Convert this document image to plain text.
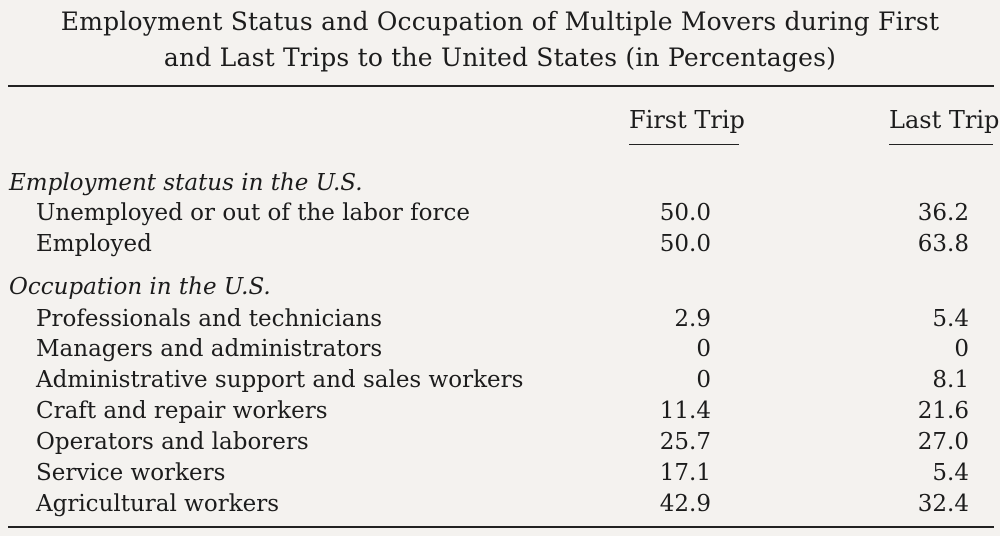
Employment Status and Occupation of Multiple Movers during First
and Last Trips to the United States (in Percentages)
First Trip	Last Trip
Employment status in the U.S.
Unemployed or out of the labor force	50.0	36.2
Employed	50.0	63.8
Occupation in the U.S.
Professionals and technicians	2.9	5.4
Managers and administrators	0	0
Administrative support and sales workers	0	8.1
Craft and repair workers	11.4	21.6
Operators and laborers	25.7	27.0
Service workers	17.1	5.4
Agricultural workers	42.9	32.4
